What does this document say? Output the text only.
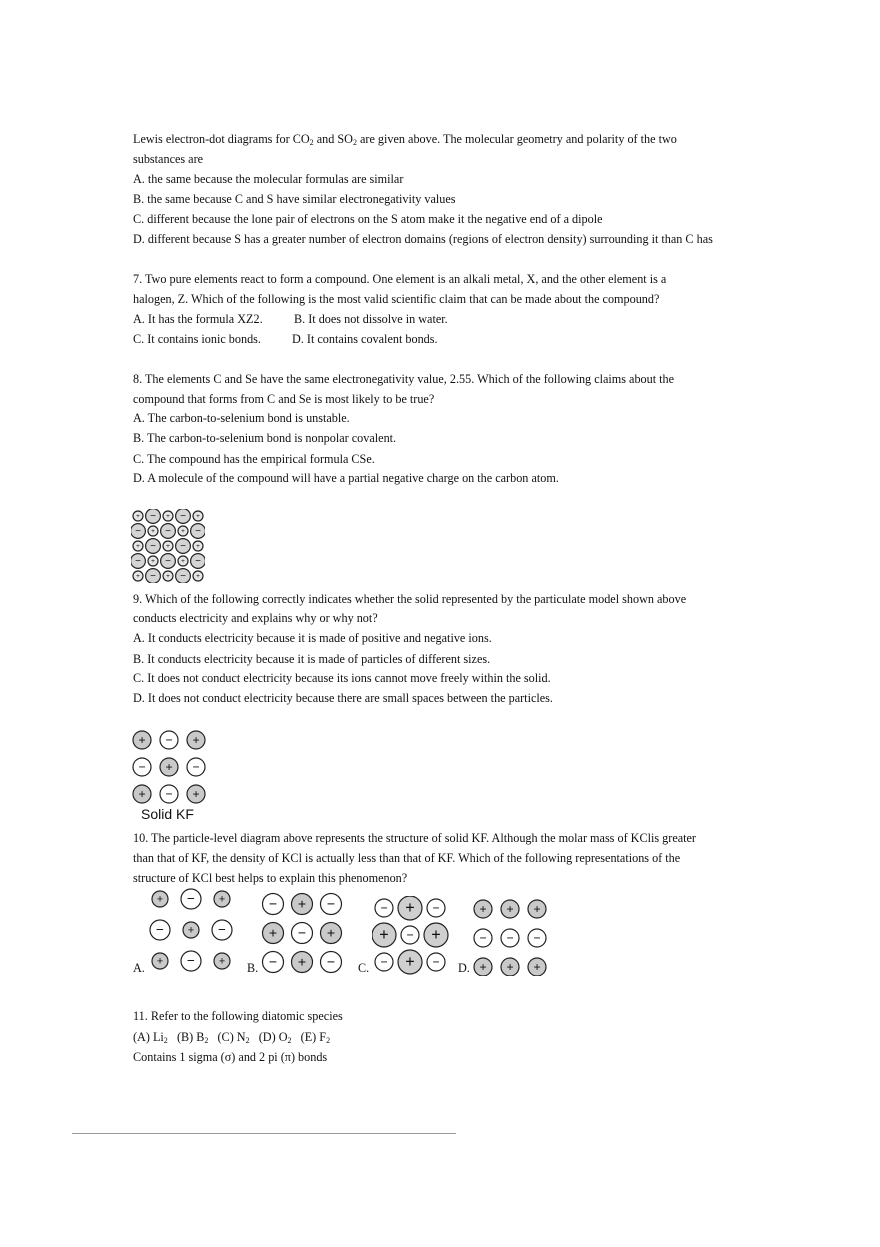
Lewis electron-dot diagrams for $CO_2$ and $SO_2$ are given above. The molecular geometry and polarity of the two
substances are
A. the same because the molecular formulas are similar
B. the same because C and S have similar electronegativity values
C. different because the lone pair of electrons on the S atom make it the negative end of a dipole
D. different because S has a greater number of electron domains (regions of electron density) surrounding it than C has
7. Two pure elements react to form a compound. One element is an alkali metal, X, and the other element is a
halogen, Z. Which of the following is the most valid scientific claim that can be made about the compound?
A. It has the formula XZ2.	B. It does not dissolve in water.
C. It contains ionic bonds.	D. It contains covalent bonds.
8. The elements C and Se have the same electronegativity value, 2.55. Which of the following claims about the
compound that forms from C and Se is most likely to be true?
A. The carbon-to-selenium bond is unstable.
B. The carbon-to-selenium bond is nonpolar covalent.
C. The compound has the empirical formula CSe.
D. A molecule of the compound will have a partial negative charge on the carbon atom.
+ − + − +
− + − + −
+ − + − +
− + − + −
+ − + − +
9. Which of the following correctly indicates whether the solid represented by the particulate model shown above
conducts electricity and explains why or why not?
A. It conducts electricity because it is made of positive and negative ions.
B. It conducts electricity because it is made of particles of different sizes.
C. It does not conduct electricity because its ions cannot move freely within the solid.
D. It does not conduct electricity because there are small spaces between the particles.
+ − +
− + −
+ − +
Solid KF
10. The particle-level diagram above represents the structure of solid KF. Although the molar mass of KClis greater
than that of KF, the density of KCl is actually less than that of KF. Which of the following representations of the
structure of KCl best helps to explain this phenomenon?
A.
+ − +
− + −
+ − + B.
− + −
+ − +
− + − C.
− + −
+ − +
− + − D.
+ + +
− − −
+ + +
11. Refer to the following diatomic species
(A) $Li_2$ (B) $B_2$ (C) $N_2$ (D) $O_2$ (E) $F_2$
Contains 1 sigma (σ) and 2 pi (π) bonds
